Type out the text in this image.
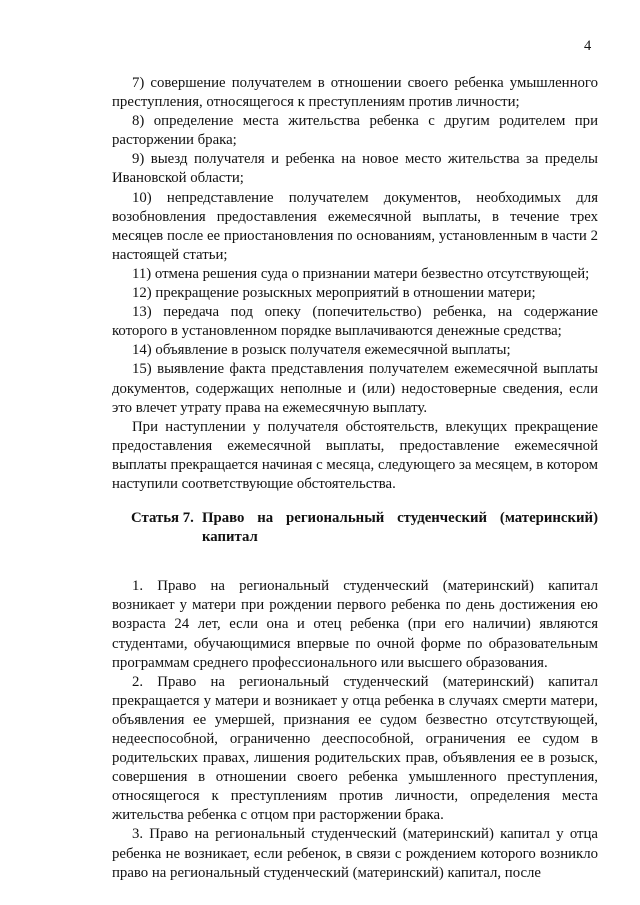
4

7) совершение получателем в отношении своего ребенка умышленного преступления, относящегося к преступлениям против личности;

8) определение места жительства ребенка с другим родителем при расторжении брака;

9) выезд получателя и ребенка на новое место жительства за пределы Ивановской области;

10) непредставление получателем документов, необходимых для возобновления предоставления ежемесячной выплаты, в течение трех месяцев после ее приостановления по основаниям, установленным в части 2 настоящей статьи;

11) отмена решения суда о признании матери безвестно отсутствующей;

12) прекращение розыскных мероприятий в отношении матери;

13) передача под опеку (попечительство) ребенка, на содержание которого в установленном порядке выплачиваются денежные средства;

14) объявление в розыск получателя ежемесячной выплаты;

15) выявление факта представления получателем ежемесячной выплаты документов, содержащих неполные и (или) недостоверные сведения, если это влечет утрату права на ежемесячную выплату.

При наступлении у получателя обстоятельств, влекущих прекращение предоставления ежемесячной выплаты, предоставление ежемесячной выплаты прекращается начиная с месяца, следующего за месяцем, в котором наступили соответствующие обстоятельства.

Статья 7. Право на региональный студенческий (материнский) капитал

1. Право на региональный студенческий (материнский) капитал возникает у матери при рождении первого ребенка по день достижения ею возраста 24 лет, если она и отец ребенка (при его наличии) являются студентами, обучающимися впервые по очной форме по образовательным программам среднего профессионального или высшего образования.

2. Право на региональный студенческий (материнский) капитал прекращается у матери и возникает у отца ребенка в случаях смерти матери, объявления ее умершей, признания ее судом безвестно отсутствующей, недееспособной, ограниченно дееспособной, ограничения ее судом в родительских правах, лишения родительских прав, объявления ее в розыск, совершения в отношении своего ребенка умышленного преступления, относящегося к преступлениям против личности, определения места жительства ребенка с отцом при расторжении брака.

3. Право на региональный студенческий (материнский) капитал у отца ребенка не возникает, если ребенок, в связи с рождением которого возникло право на региональный студенческий (материнский) капитал, после
